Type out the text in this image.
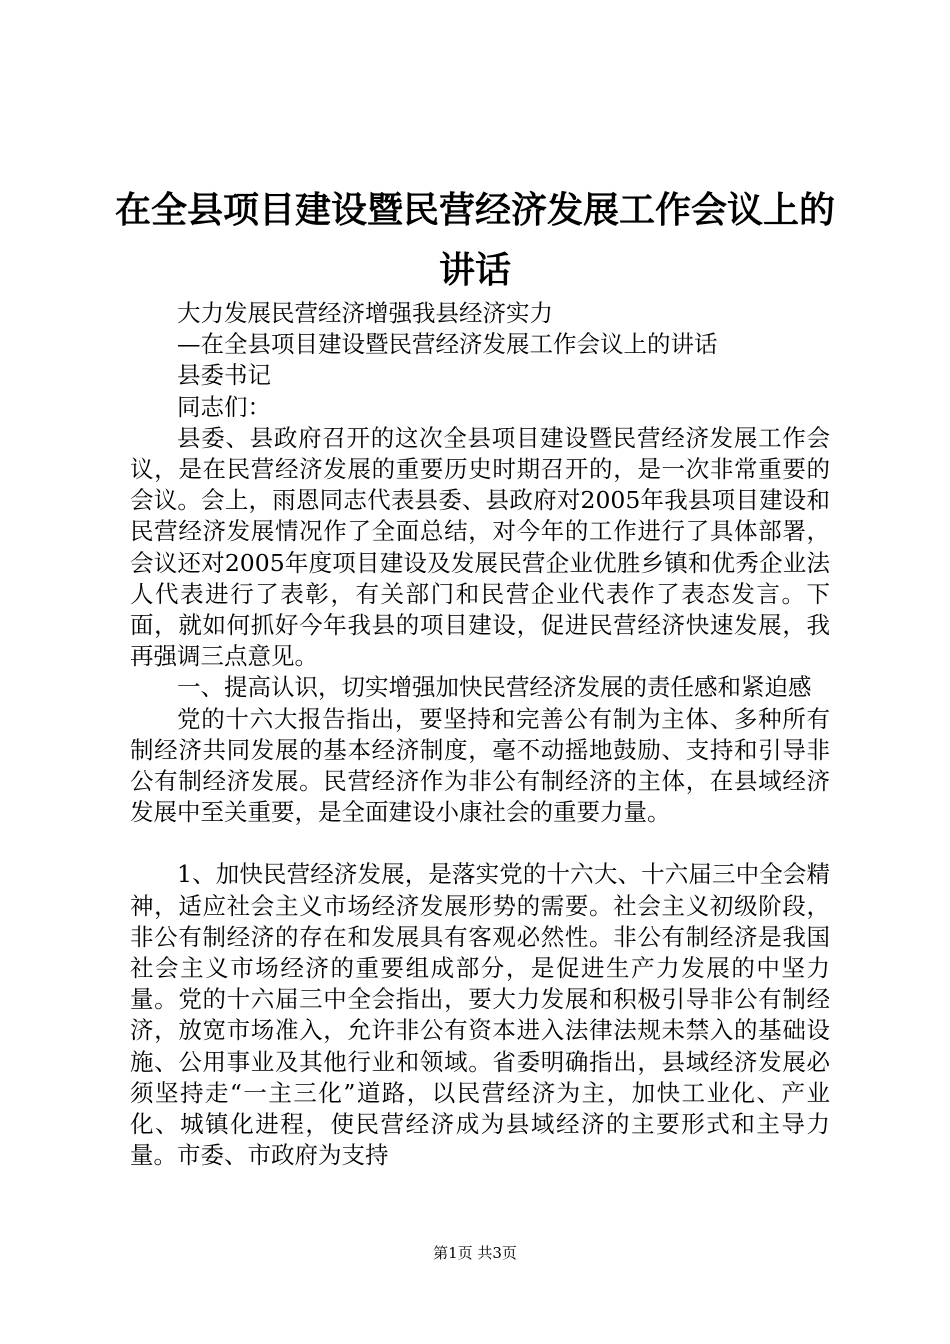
在全县项目建设暨民营经济发展工作会议上的
讲话

大力发展民营经济增强我县经济实力

—在全县项目建设暨民营经济发展工作会议上的讲话

县委书记

同志们：

县委、县政府召开的这次全县项目建设暨民营经济发展工作会议，是在民营经济发展的重要历史时期召开的，是一次非常重要的会议。会上，雨恩同志代表县委、县政府对2005年我县项目建设和民营经济发展情况作了全面总结，对今年的工作进行了具体部署，会议还对2005年度项目建设及发展民营企业优胜乡镇和优秀企业法人代表进行了表彰，有关部门和民营企业代表作了表态发言。下面，就如何抓好今年我县的项目建设，促进民营经济快速发展，我再强调三点意见。

一、提高认识，切实增强加快民营经济发展的责任感和紧迫感

党的十六大报告指出，要坚持和完善公有制为主体、多种所有制经济共同发展的基本经济制度，毫不动摇地鼓励、支持和引导非公有制经济发展。民营经济作为非公有制经济的主体，在县域经济发展中至关重要，是全面建设小康社会的重要力量。

1、加快民营经济发展，是落实党的十六大、十六届三中全会精神，适应社会主义市场经济发展形势的需要。社会主义初级阶段，非公有制经济的存在和发展具有客观必然性。非公有制经济是我国社会主义市场经济的重要组成部分，是促进生产力发展的中坚力量。党的十六届三中全会指出，要大力发展和积极引导非公有制经济，放宽市场准入，允许非公有资本进入法律法规未禁入的基础设施、公用事业及其他行业和领域。省委明确指出，县域经济发展必须坚持走“一主三化”道路，以民营经济为主，加快工业化、产业化、城镇化进程，使民营经济成为县域经济的主要形式和主导力量。市委、市政府为支持

第1页 共3页
